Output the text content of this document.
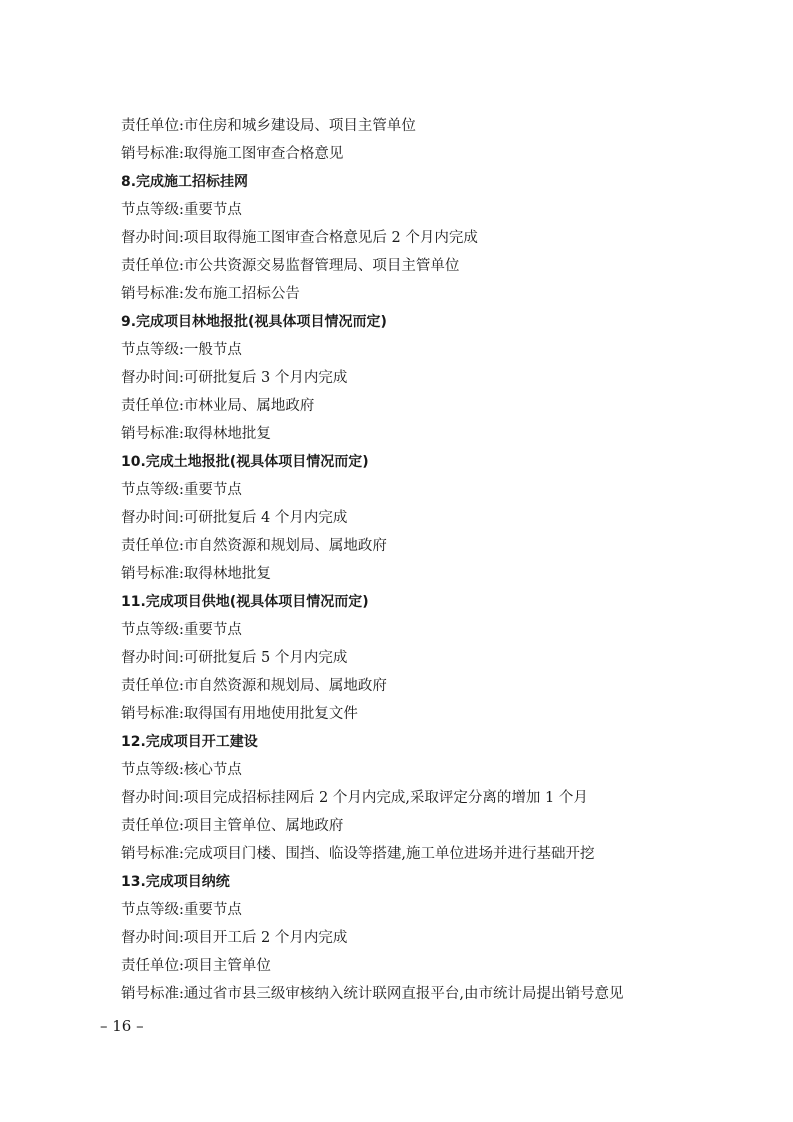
责任单位:市住房和城乡建设局、项目主管单位
销号标准:取得施工图审查合格意见
8.完成施工招标挂网
节点等级:重要节点
督办时间:项目取得施工图审查合格意见后 2 个月内完成
责任单位:市公共资源交易监督管理局、项目主管单位
销号标准:发布施工招标公告
9.完成项目林地报批(视具体项目情况而定)
节点等级:一般节点
督办时间:可研批复后 3 个月内完成
责任单位:市林业局、属地政府
销号标准:取得林地批复
10.完成土地报批(视具体项目情况而定)
节点等级:重要节点
督办时间:可研批复后 4 个月内完成
责任单位:市自然资源和规划局、属地政府
销号标准:取得林地批复
11.完成项目供地(视具体项目情况而定)
节点等级:重要节点
督办时间:可研批复后 5 个月内完成
责任单位:市自然资源和规划局、属地政府
销号标准:取得国有用地使用批复文件
12.完成项目开工建设
节点等级:核心节点
督办时间:项目完成招标挂网后 2 个月内完成,采取评定分离的增加 1 个月
责任单位:项目主管单位、属地政府
销号标准:完成项目门楼、围挡、临设等搭建,施工单位进场并进行基础开挖
13.完成项目纳统
节点等级:重要节点
督办时间:项目开工后 2 个月内完成
责任单位:项目主管单位
销号标准:通过省市县三级审核纳入统计联网直报平台,由市统计局提出销号意见
– 16 –
